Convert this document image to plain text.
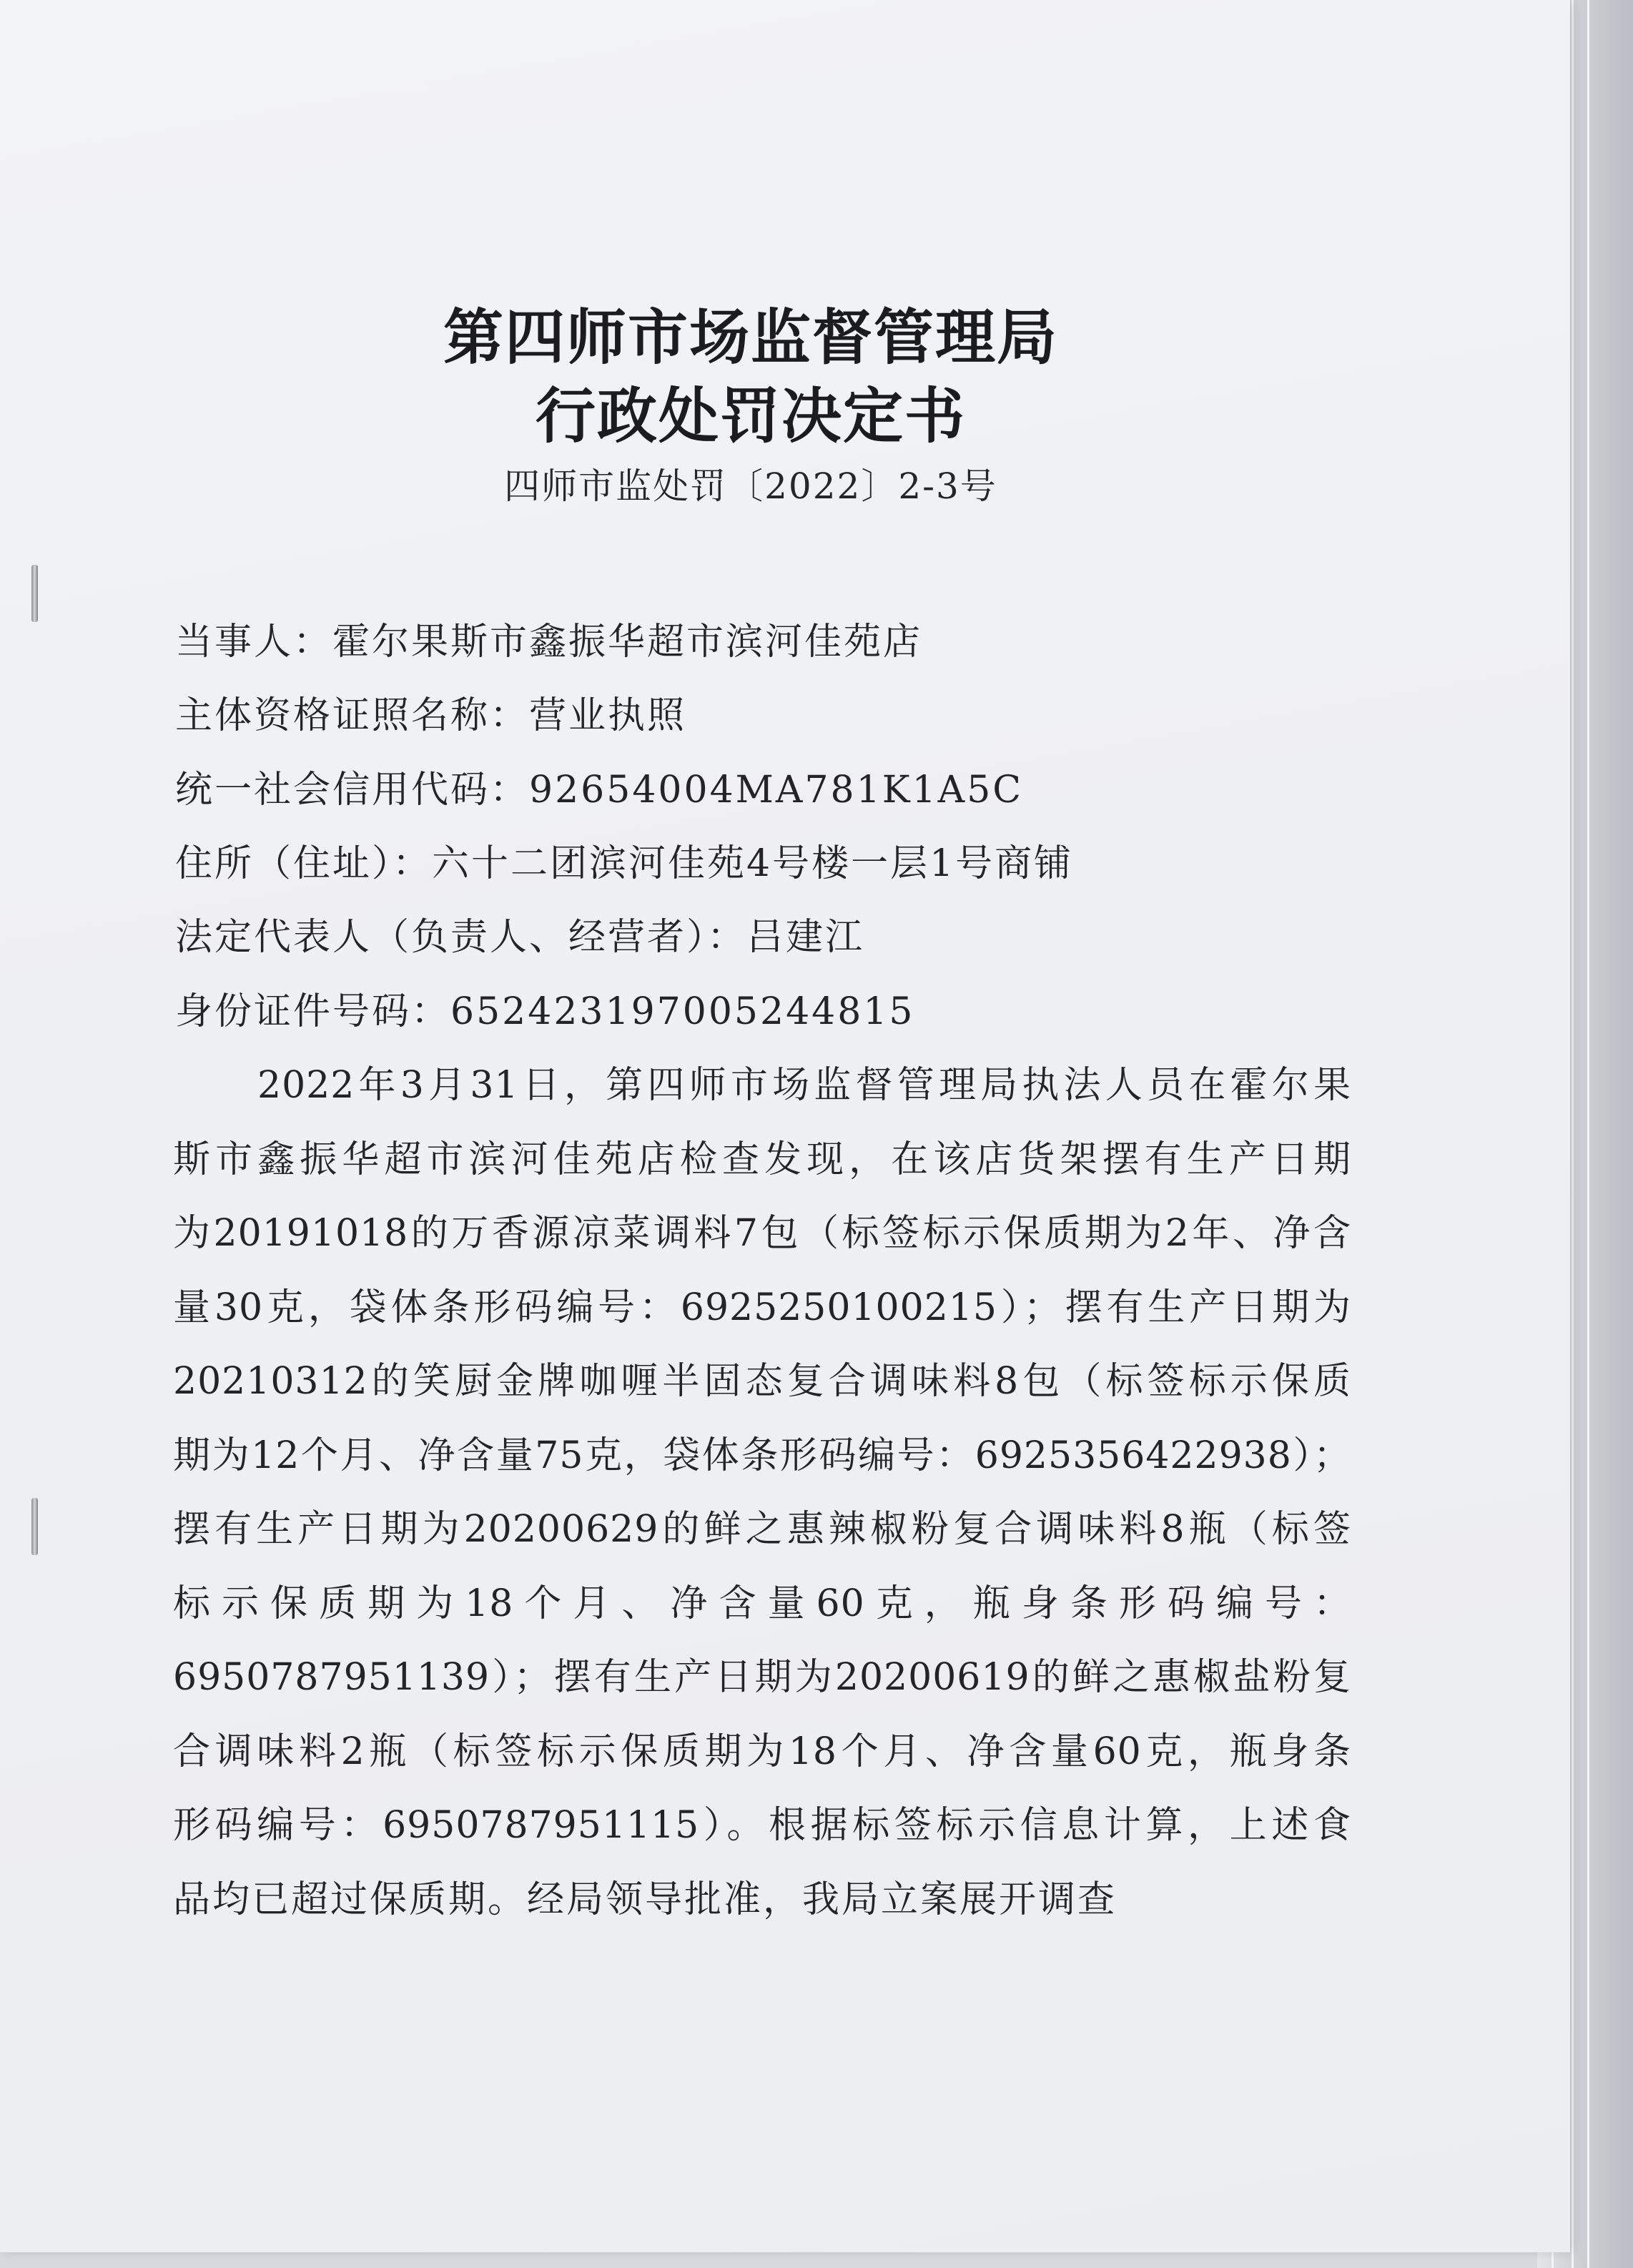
第四师市场监督管理局
行政处罚决定书
四师市监处罚〔2022〕2-3号
当事人：霍尔果斯市鑫振华超市滨河佳苑店
主体资格证照名称：营业执照
统一社会信用代码：92654004MA781K1A5C
住所（住址）：六十二团滨河佳苑4号楼一层1号商铺
法定代表人（负责人、经营者）：吕建江
身份证件号码：652423197005244815
2022年3月31日，第四师市场监督管理局执法人员在霍尔果
斯市鑫振华超市滨河佳苑店检查发现，在该店货架摆有生产日期
为20191018的万香源凉菜调料7包（标签标示保质期为2年、净含
量30克，袋体条形码编号：6925250100215）；摆有生产日期为
20210312的笑厨金牌咖喱半固态复合调味料8包（标签标示保质
期为12个月、净含量75克，袋体条形码编号：6925356422938）；
摆有生产日期为20200629的鲜之惠辣椒粉复合调味料8瓶（标签
标示保质期为18个月、净含量60克，瓶身条形码编号：
6950787951139）；摆有生产日期为20200619的鲜之惠椒盐粉复
合调味料2瓶（标签标示保质期为18个月、净含量60克，瓶身条
形码编号：6950787951115）。根据标签标示信息计算，上述食
品均已超过保质期。经局领导批准，我局立案展开调查
